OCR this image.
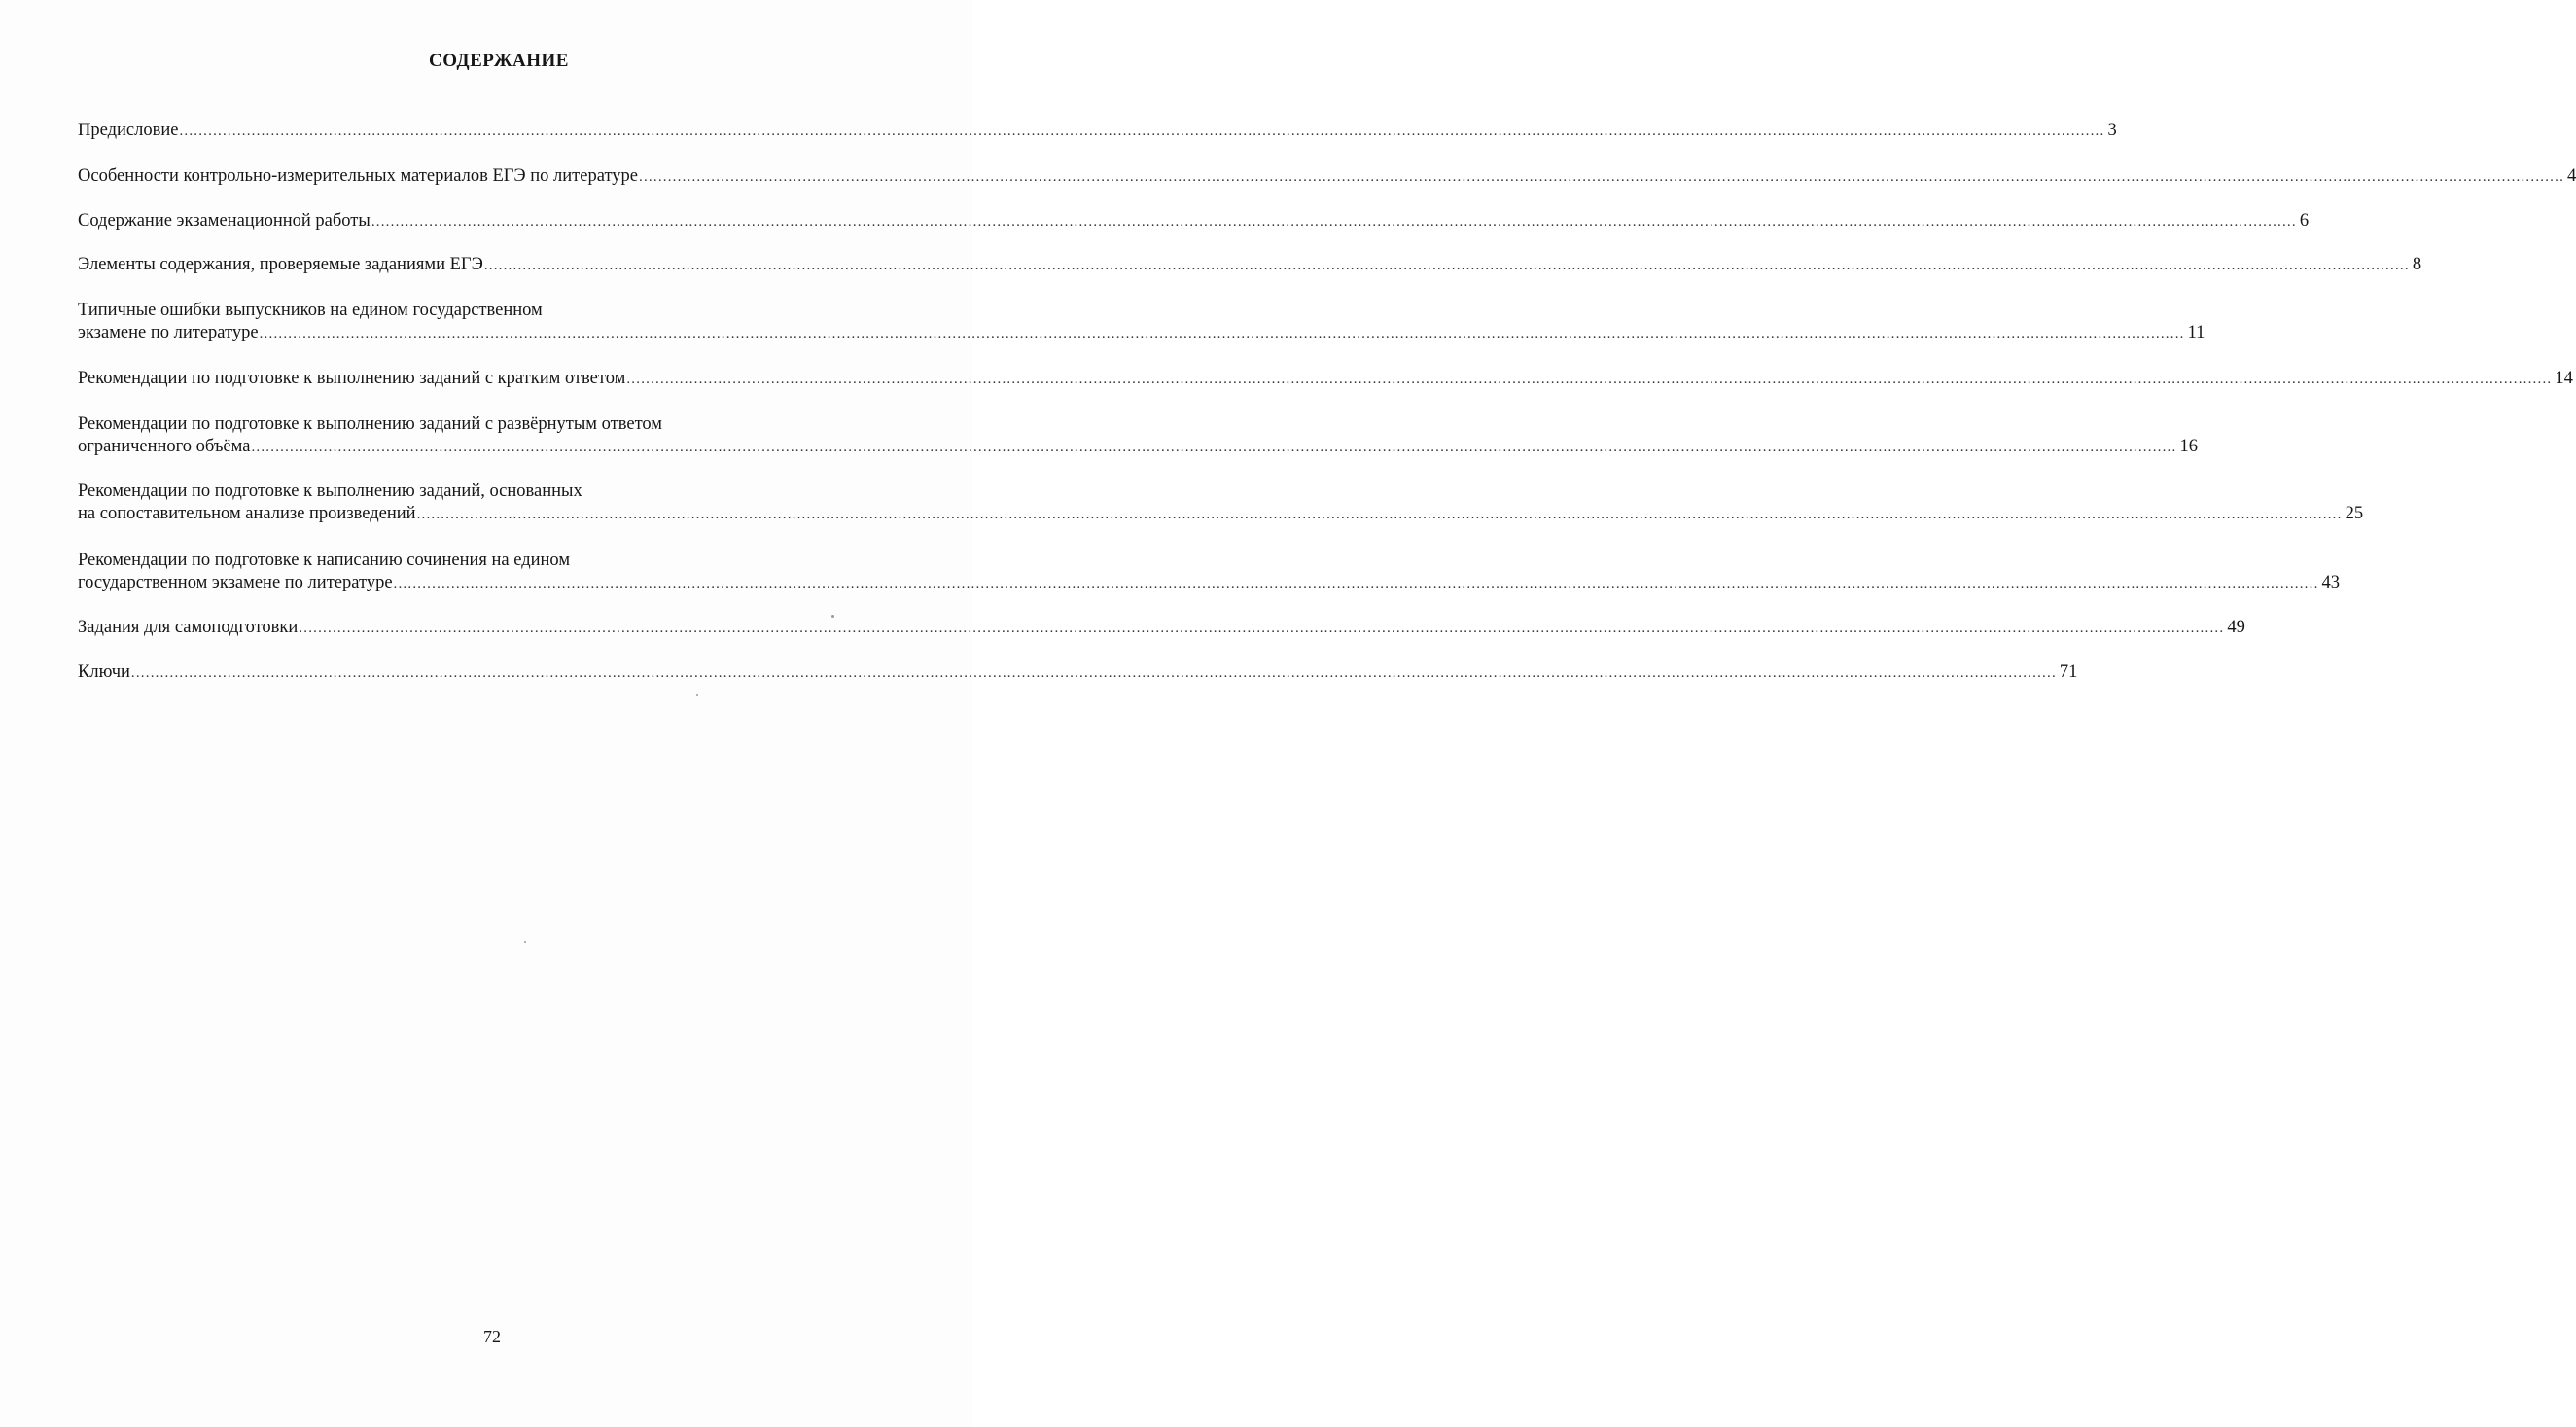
СОДЕРЖАНИЕ
Предисловие ................................................................................................................................................................................................................................................................................................................................................................................................................ 3
Особенности контрольно-измерительных материалов ЕГЭ по литературе ................................................................................................................................................................................................................................................................................................................................................................................................................ 4
Содержание экзаменационной работы ................................................................................................................................................................................................................................................................................................................................................................................................................ 6
Элементы содержания, проверяемые заданиями ЕГЭ ................................................................................................................................................................................................................................................................................................................................................................................................................ 8
Типичные ошибки выпускников на едином государственном
экзамене по литературе ................................................................................................................................................................................................................................................................................................................................................................................................................ 11
Рекомендации по подготовке к выполнению заданий с кратким ответом ................................................................................................................................................................................................................................................................................................................................................................................................................ 14
Рекомендации по подготовке к выполнению заданий с развёрнутым ответом
ограниченного объёма ................................................................................................................................................................................................................................................................................................................................................................................................................ 16
Рекомендации по подготовке к выполнению заданий, основанных
на сопоставительном анализе произведений ................................................................................................................................................................................................................................................................................................................................................................................................................ 25
Рекомендации по подготовке к написанию сочинения на едином
государственном экзамене по литературе ................................................................................................................................................................................................................................................................................................................................................................................................................ 43
Задания для самоподготовки ................................................................................................................................................................................................................................................................................................................................................................................................................ 49
Ключи ................................................................................................................................................................................................................................................................................................................................................................................................................ 71
72
